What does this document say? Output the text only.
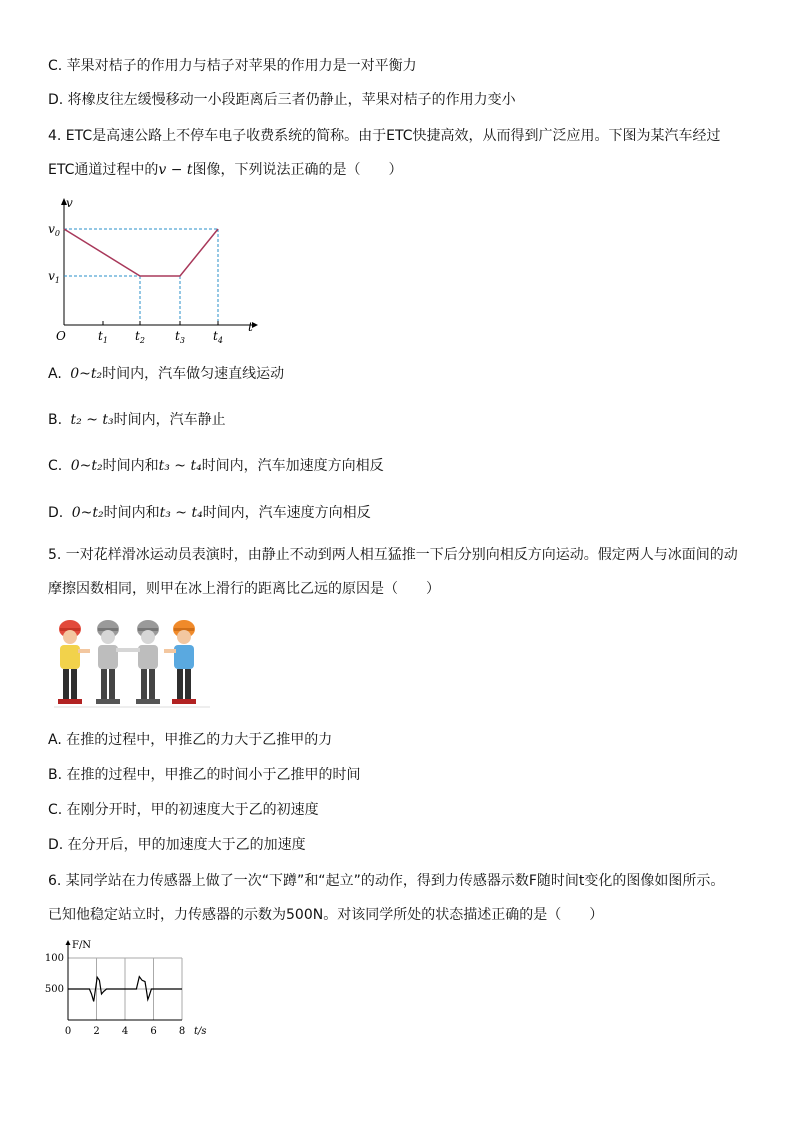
C. 苹果对桔子的作用力与桔子对苹果的作用力是一对平衡力
D. 将橡皮往左缓慢移动一小段距离后三者仍静止，苹果对桔子的作用力变小
4. ETC是高速公路上不停车电子收费系统的简称。由于ETC快捷高效，从而得到广泛应用。下图为某汽车经过
ETC通道过程中的v − t图像，下列说法正确的是（　　）
t
v
O	$t_1$ $t_2$	$t_3$ $t_4$
$v_1$
$v_0$
A. 0~t₂时间内，汽车做匀速直线运动
B. t₂ ~ t₃时间内，汽车静止
C. 0~t₂时间内和t₃ ~ t₄时间内，汽车加速度方向相反
D. 0~t₂时间内和t₃ ~ t₄时间内，汽车速度方向相反
5. 一对花样滑冰运动员表演时，由静止不动到两人相互猛推一下后分别向相反方向运动。假定两人与冰面间的动
摩擦因数相同，则甲在冰上滑行的距离比乙远的原因是（　　）
A. 在推的过程中，甲推乙的力大于乙推甲的力
B. 在推的过程中，甲推乙的时间小于乙推甲的时间
C. 在刚分开时，甲的初速度大于乙的初速度
D. 在分开后，甲的加速度大于乙的加速度
6. 某同学站在力传感器上做了一次“下蹲”和“起立”的动作，得到力传感器示数F随时间t变化的图像如图所示。
已知他稳定站立时，力传感器的示数为500N。对该同学所处的状态描述正确的是（　　）
F/N
500
100
0 2 4 6 8 t/s
